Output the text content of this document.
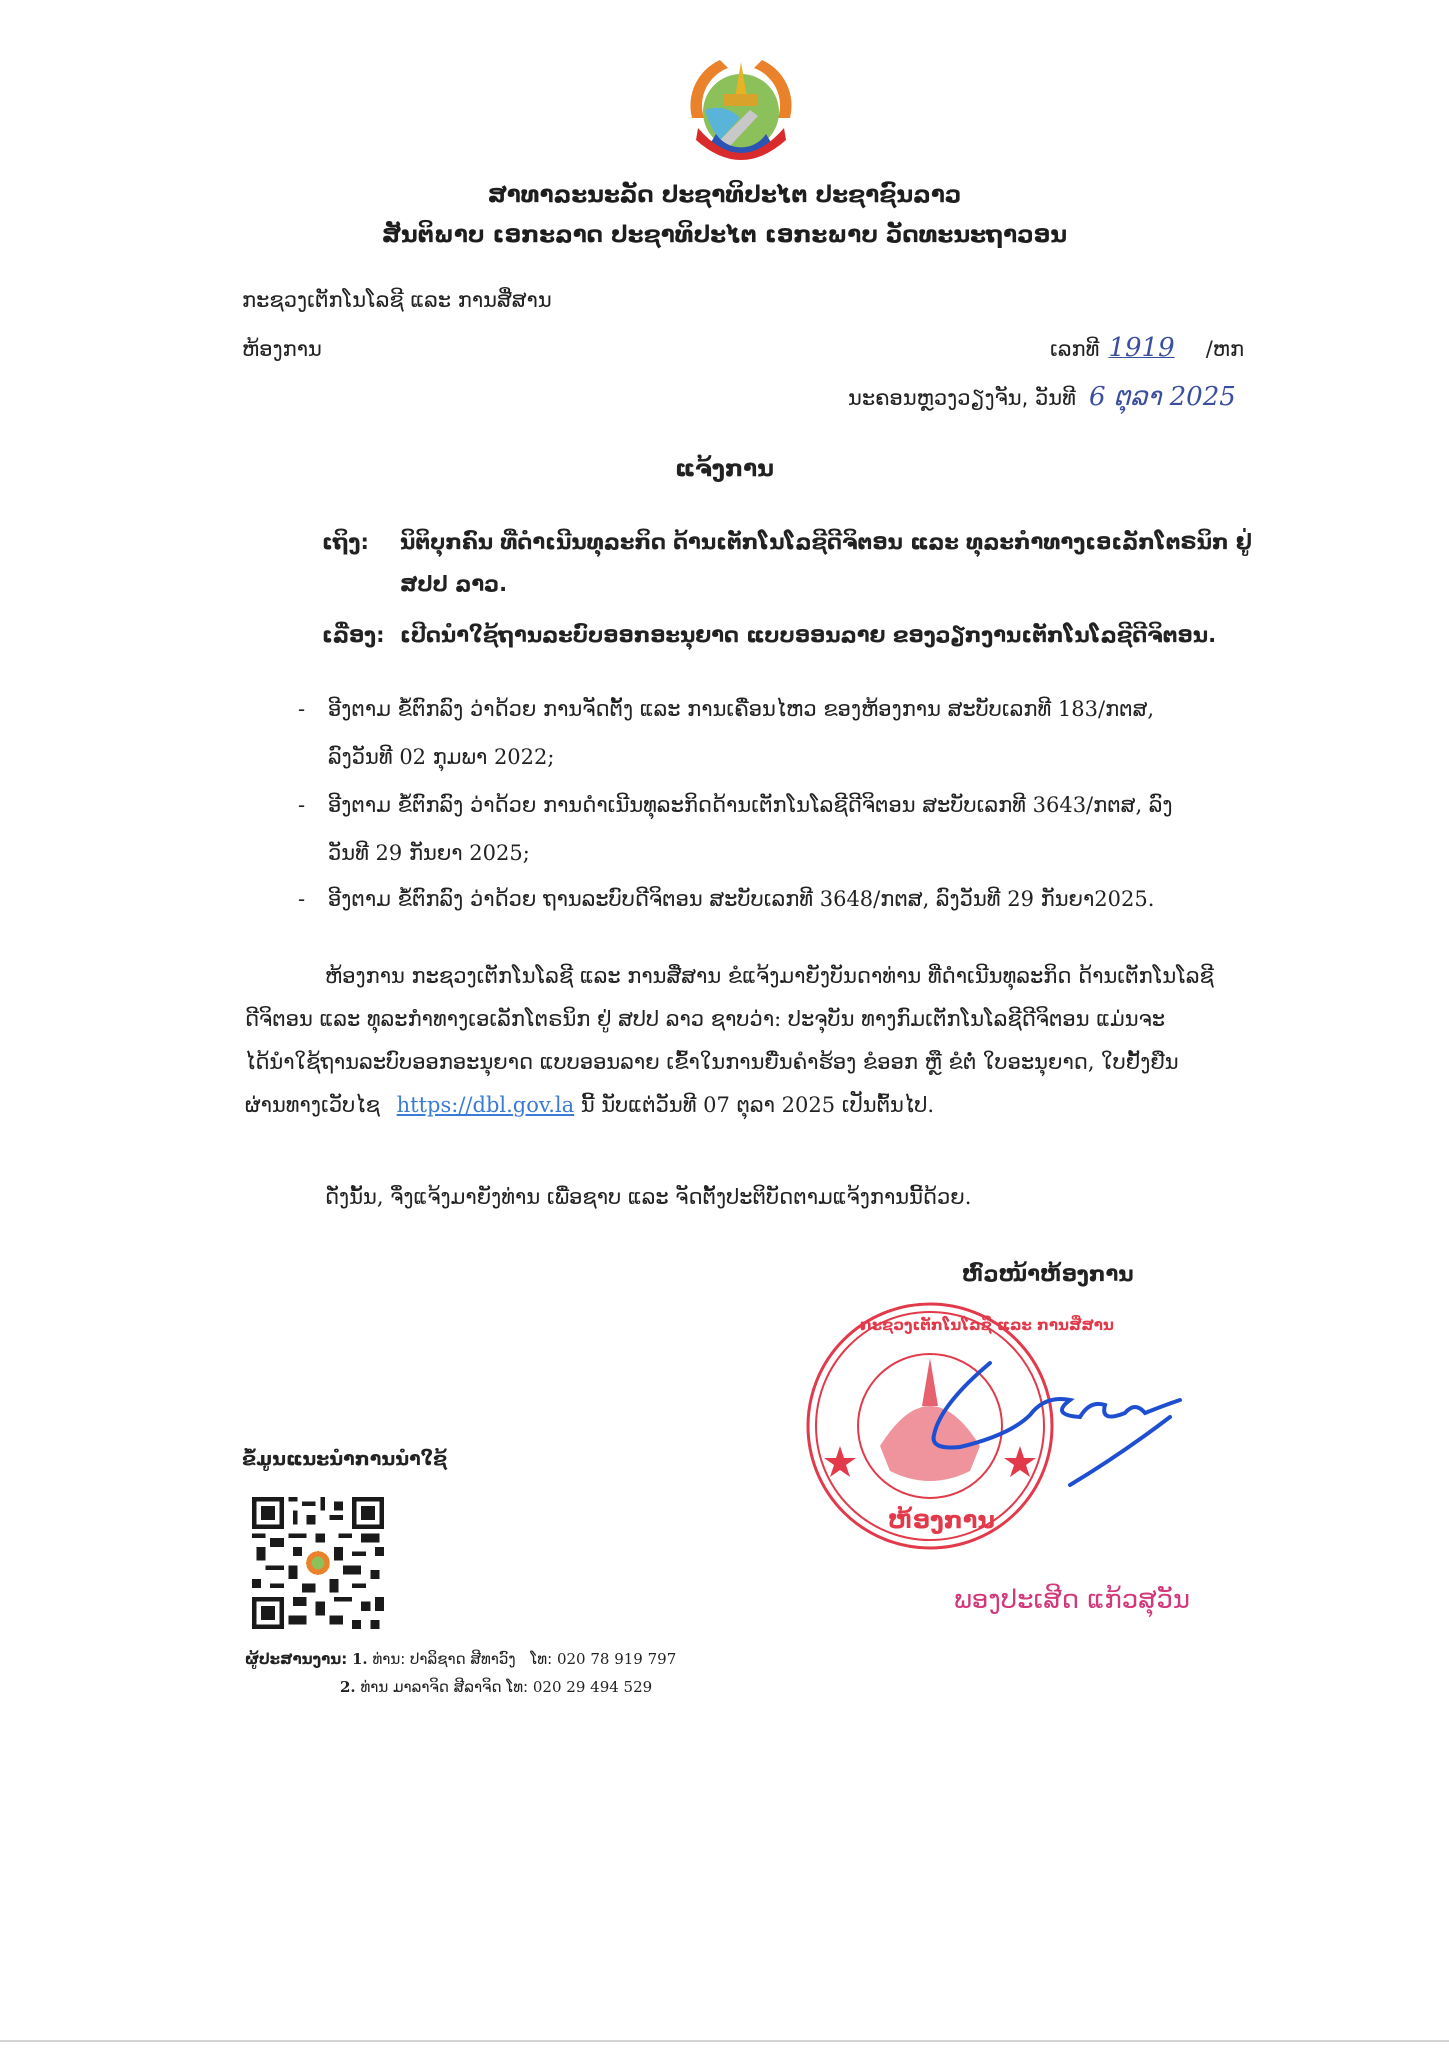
ສາທາລະນະລັດ ປະຊາທິປະໄຕ ປະຊາຊົນລາວ
ສັນຕິພາບ ເອກະລາດ ປະຊາທິປະໄຕ ເອກະພາບ ວັດທະນະຖາວອນ
ກະຊວງເຕັກໂນໂລຊີ ແລະ ການສື່ສານ
ຫ້ອງການ	ເລກທີ 1919 /ຫກ
ນະຄອນຫຼວງວຽງຈັນ, ວັນທີ 6 ຕຸລາ 2025
ແຈ້ງການ
ເຖິງ: ນິຕິບຸກຄົນ ທີ່ດຳເນີນທຸລະກິດ ດ້ານເຕັກໂນໂລຊີດີຈິຕອນ ແລະ ທຸລະກຳທາງເອເລັກໂຕຣນິກ ຢູ່
ສປປ ລາວ.
ເລື່ອງ: ເປີດນຳໃຊ້ຖານລະບົບອອກອະນຸຍາດ ແບບອອນລາຍ ຂອງວຽກງານເຕັກໂນໂລຊີດີຈິຕອນ.
- ອີງຕາມ ຂໍ້ຕົກລົງ ວ່າດ້ວຍ ການຈັດຕັ້ງ ແລະ ການເຄື່ອນໄຫວ ຂອງຫ້ອງການ ສະບັບເລກທີ 183/ກຕສ,
ລົງວັນທີ 02 ກຸມພາ 2022;
- ອີງຕາມ ຂໍ້ຕົກລົງ ວ່າດ້ວຍ ການດຳເນີນທຸລະກິດດ້ານເຕັກໂນໂລຊີດີຈິຕອນ ສະບັບເລກທີ 3643/ກຕສ, ລົງ
ວັນທີ 29 ກັນຍາ 2025;
- ອີງຕາມ ຂໍ້ຕົກລົງ ວ່າດ້ວຍ ຖານລະບົບດີຈິຕອນ ສະບັບເລກທີ 3648/ກຕສ, ລົງວັນທີ 29 ກັນຍາ2025.
ຫ້ອງການ ກະຊວງເຕັກໂນໂລຊີ ແລະ ການສື່ສານ ຂໍແຈ້ງມາຍັງບັນດາທ່ານ ທີ່ດຳເນີນທຸລະກິດ ດ້ານເຕັກໂນໂລຊີ
ດີຈິຕອນ ແລະ ທຸລະກຳທາງເອເລັກໂຕຣນິກ ຢູ່ ສປປ ລາວ ຊາບວ່າ: ປະຈຸບັນ ທາງກົມເຕັກໂນໂລຊີດີຈິຕອນ ແມ່ນຈະ
ໄດ້ນຳໃຊ້ຖານລະບົບອອກອະນຸຍາດ ແບບອອນລາຍ ເຂົ້າໃນການຍື່ນຄຳຮ້ອງ ຂໍອອກ ຫຼື ຂໍຕໍ່ ໃບອະນຸຍາດ, ໃບຢັ້ງຢືນ
ຜ່ານທາງເວັບໄຊ https://dbl.gov.la ນີ້ ນັບແຕ່ວັນທີ 07 ຕຸລາ 2025 ເປັນຕົ້ນໄປ.
ດັ່ງນັ້ນ, ຈຶ່ງແຈ້ງມາຍັງທ່ານ ເພື່ອຊາບ ແລະ ຈັດຕັ້ງປະຕິບັດຕາມແຈ້ງການນີ້ດ້ວຍ.
ຫົວໜ້າຫ້ອງການ
ກະຊວງເຕັກໂນໂລຊີ ແລະ ການສື່ສານ
ຫ້ອງການ
ພອງປະເສີດ ແກ້ວສຸວັນ
ຂໍ້ມູນແນະນຳການນຳໃຊ້
ຜູ້ປະສານງານ: 1. ທ່ານ: ປາລິຊາດ ສີທາວົງ ໂທ: 020 78 919 797
2. ທ່ານ ມາລາຈິດ ສີລາຈິດ ໂທ: 020 29 494 529
